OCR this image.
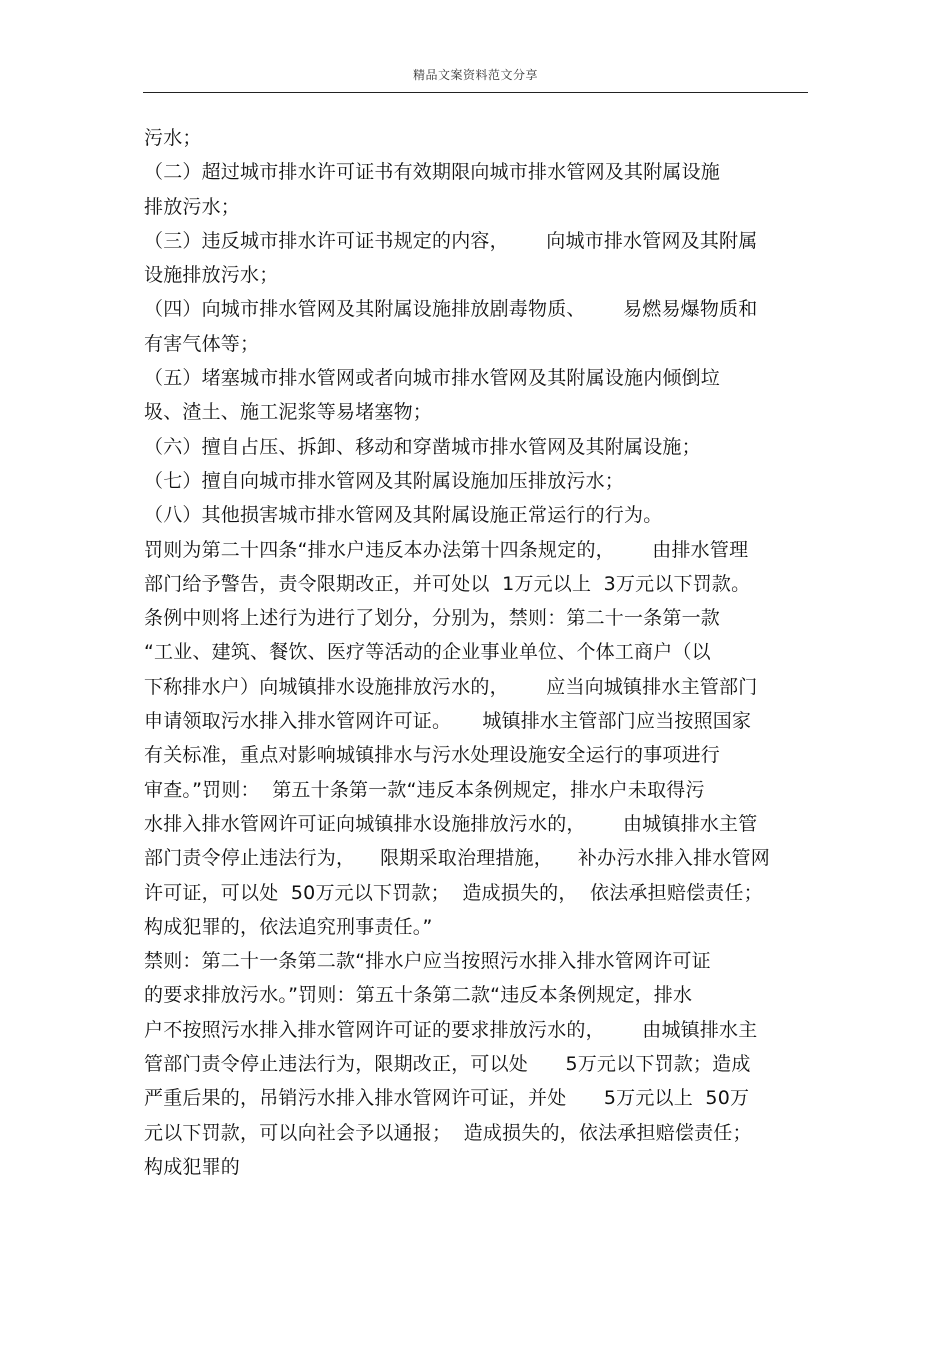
精品文案资料范文分享
污水；
（二）超过城市排水许可证书有效期限向城市排水管网及其附属设施
排放污水；
（三）违反城市排水许可证书规定的内容，      向城市排水管网及其附属
设施排放污水；
（四）向城市排水管网及其附属设施排放剧毒物质、      易燃易爆物质和
有害气体等；
（五）堵塞城市排水管网或者向城市排水管网及其附属设施内倾倒垃
圾、渣土、施工泥浆等易堵塞物；
（六）擅自占压、拆卸、移动和穿凿城市排水管网及其附属设施；
（七）擅自向城市排水管网及其附属设施加压排放污水；
（八）其他损害城市排水管网及其附属设施正常运行的行为。
罚则为第二十四条“排水户违反本办法第十四条规定的，      由排水管理
部门给予警告，责令限期改正，并可处以  1万元以上  3万元以下罚款。
条例中则将上述行为进行了划分，分别为，禁则：第二十一条第一款
“工业、建筑、餐饮、医疗等活动的企业事业单位、个体工商户（以
下称排水户）向城镇排水设施排放污水的，      应当向城镇排水主管部门
申请领取污水排入排水管网许可证。     城镇排水主管部门应当按照国家
有关标准，重点对影响城镇排水与污水处理设施安全运行的事项进行
审查。”罚则：  第五十条第一款“违反本条例规定，排水户未取得污
水排入排水管网许可证向城镇排水设施排放污水的，      由城镇排水主管
部门责令停止违法行为，    限期采取治理措施，    补办污水排入排水管网
许可证，可以处  50万元以下罚款；  造成损失的，  依法承担赔偿责任；
构成犯罪的，依法追究刑事责任。”
禁则：第二十一条第二款“排水户应当按照污水排入排水管网许可证
的要求排放污水。”罚则：第五十条第二款“违反本条例规定，排水
户不按照污水排入排水管网许可证的要求排放污水的，      由城镇排水主
管部门责令停止违法行为，限期改正，可以处      5万元以下罚款；造成
严重后果的，吊销污水排入排水管网许可证，并处      5万元以上  50万
元以下罚款，可以向社会予以通报；  造成损失的，依法承担赔偿责任；
构成犯罪的
